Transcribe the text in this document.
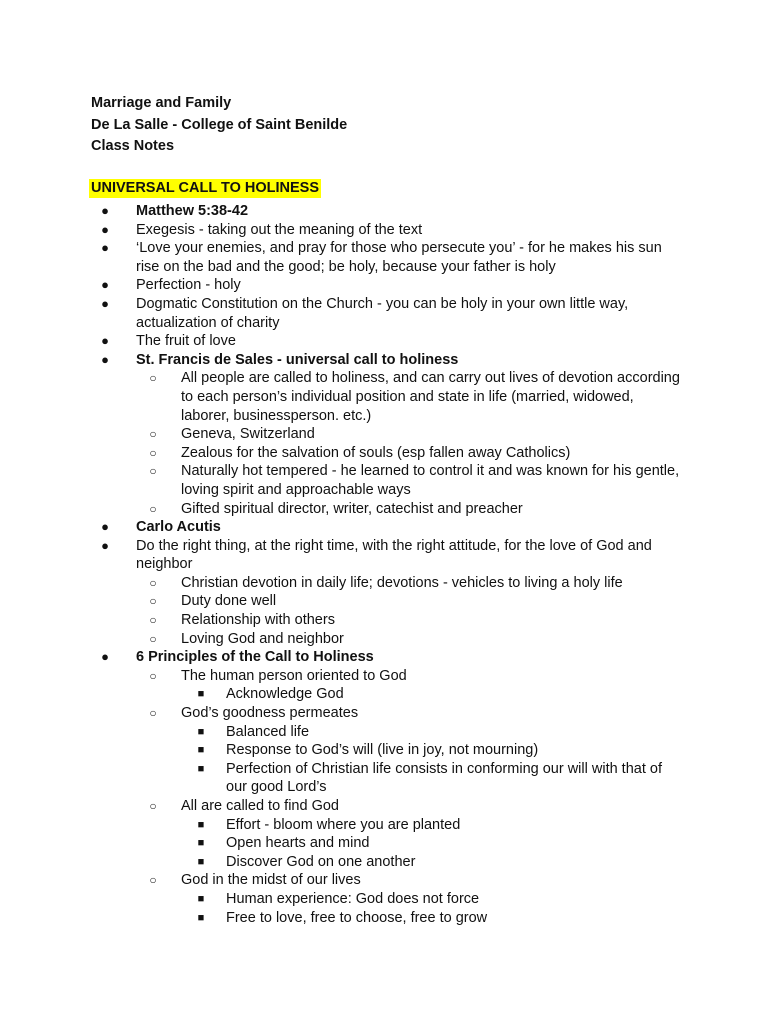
Marriage and Family
De La Salle - College of Saint Benilde
Class Notes
UNIVERSAL CALL TO HOLINESS
● Matthew 5:38-42
● Exegesis - taking out the meaning of the text
● ‘Love your enemies, and pray for those who persecute you’ - for he makes his sun rise on the bad and the good; be holy, because your father is holy
● Perfection - holy
● Dogmatic Constitution on the Church - you can be holy in your own little way, actualization of charity
● The fruit of love
● St. Francis de Sales - universal call to holiness
○ All people are called to holiness, and can carry out lives of devotion according to each person’s individual position and state in life (married, widowed, laborer, businessperson. etc.)
○ Geneva, Switzerland
○ Zealous for the salvation of souls (esp fallen away Catholics)
○ Naturally hot tempered - he learned to control it and was known for his gentle, loving spirit and approachable ways
○ Gifted spiritual director, writer, catechist and preacher
● Carlo Acutis
● Do the right thing, at the right time, with the right attitude, for the love of God and neighbor
○ Christian devotion in daily life; devotions - vehicles to living a holy life
○ Duty done well
○ Relationship with others
○ Loving God and neighbor
● 6 Principles of the Call to Holiness
○ The human person oriented to God
■ Acknowledge God
○ God’s goodness permeates
■ Balanced life
■ Response to God’s will (live in joy, not mourning)
■ Perfection of Christian life consists in conforming our will with that of our good Lord’s
○ All are called to find God
■ Effort - bloom where you are planted
■ Open hearts and mind
■ Discover God on one another
○ God in the midst of our lives
■ Human experience: God does not force
■ Free to love, free to choose, free to grow
